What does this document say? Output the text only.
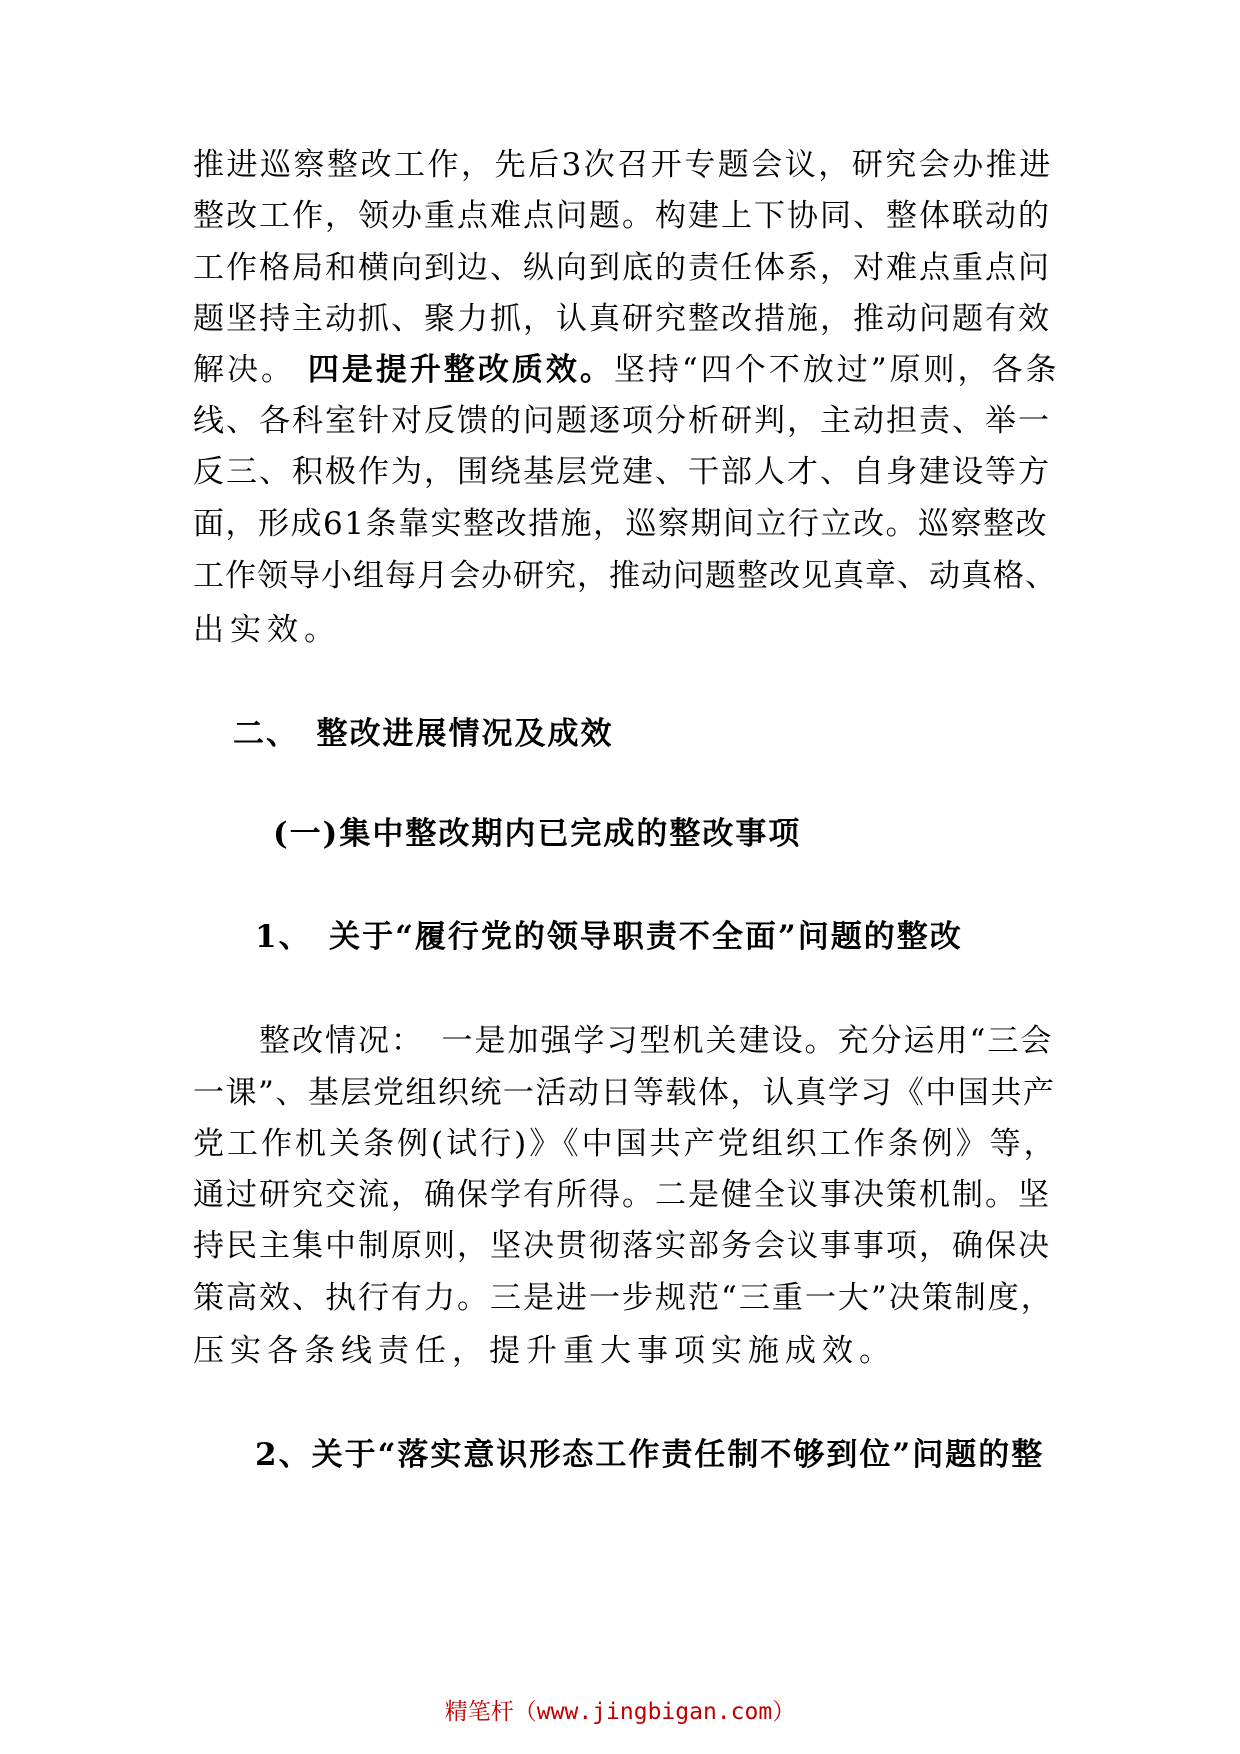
推进巡察整改工作，先后3次召开专题会议，研究会办推进
整改工作，领办重点难点问题。构建上下协同、整体联动的
工作格局和横向到边、纵向到底的责任体系，对难点重点问
题坚持主动抓、聚力抓，认真研究整改措施，推动问题有效
解决。 四是提升整改质效。坚持“四个不放过”原则，各条
线、各科室针对反馈的问题逐项分析研判，主动担责、举一
反三、积极作为，围绕基层党建、干部人才、自身建设等方
面，形成61条靠实整改措施，巡察期间立行立改。巡察整改
工作领导小组每月会办研究，推动问题整改见真章、动真格、
出实效。
二、　整改进展情况及成效
(一)集中整改期内已完成的整改事项
1、　关于“履行党的领导职责不全面”问题的整改
　　整改情况：　一是加强学习型机关建设。充分运用“三会
一课”、基层党组织统一活动日等载体，认真学习《中国共产
党工作机关条例(试行)》《中国共产党组织工作条例》等，
通过研究交流，确保学有所得。二是健全议事决策机制。坚
持民主集中制原则，坚决贯彻落实部务会议事事项，确保决
策高效、执行有力。三是进一步规范“三重一大”决策制度，
压实各条线责任，提升重大事项实施成效。
2、关于“落实意识形态工作责任制不够到位”问题的整
精笔杆（www.jingbigan.com）
